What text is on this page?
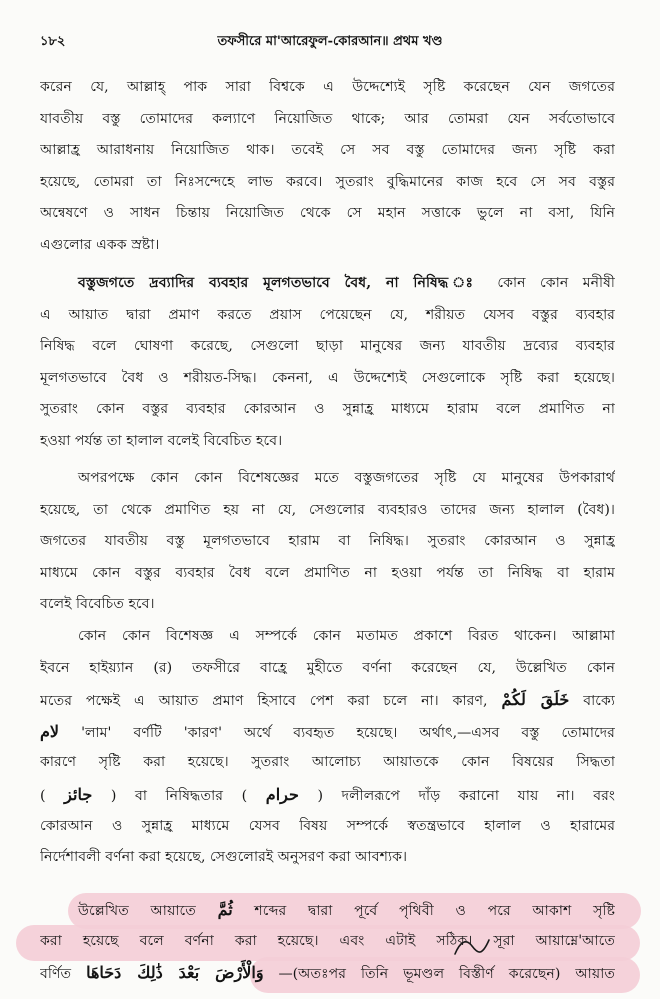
১৮২	তফসীরে মা'আরেফুল-কোরআন॥ প্রথম খণ্ড
করেন যে, আল্লাহ্ পাক সারা বিশ্বকে এ উদ্দেশ্যেই সৃষ্টি করেছেন যেন জগতের
যাবতীয় বস্তু তোমাদের কল্যাণে নিয়োজিত থাকে; আর তোমরা যেন সর্বতোভাবে
আল্লাহ্র আরাধনায় নিয়োজিত থাক। তবেই সে সব বস্তু তোমাদের জন্য সৃষ্টি করা
হয়েছে, তোমরা তা নিঃসন্দেহে লাভ করবে। সুতরাং বুদ্ধিমানের কাজ হবে সে সব বস্তুর
অন্বেষণে ও সাধন চিন্তায় নিয়োজিত থেকে সে মহান সত্তাকে ভুলে না বসা, যিনি
এগুলোর একক স্রষ্টা।
বস্তুজগতে দ্রব্যাদির ব্যবহার মূলগতভাবে বৈধ, না নিষিদ্ধ ঃ কোন কোন মনীষী
এ আয়াত দ্বারা প্রমাণ করতে প্রয়াস পেয়েছেন যে, শরীয়ত যেসব বস্তুর ব্যবহার
নিষিদ্ধ বলে ঘোষণা করেছে, সেগুলো ছাড়া মানুষের জন্য যাবতীয় দ্রব্যের ব্যবহার
মূলগতভাবে বৈধ ও শরীয়ত-সিদ্ধ। কেননা, এ উদ্দেশ্যেই সেগুলোকে সৃষ্টি করা হয়েছে।
সুতরাং কোন বস্তুর ব্যবহার কোরআন ও সুন্নাহ্র মাধ্যমে হারাম বলে প্রমাণিত না
হওয়া পর্যন্ত তা হালাল বলেই বিবেচিত হবে।
অপরপক্ষে কোন কোন বিশেষজ্ঞের মতে বস্তুজগতের সৃষ্টি যে মানুষের উপকারার্থ
হয়েছে, তা থেকে প্রমাণিত হয় না যে, সেগুলোর ব্যবহারও তাদের জন্য হালাল (বৈধ)।
জগতের যাবতীয় বস্তু মূলগতভাবে হারাম বা নিষিদ্ধ। সুতরাং কোরআন ও সুন্নাহ্র
মাধ্যমে কোন বস্তুর ব্যবহার বৈধ বলে প্রমাণিত না হওয়া পর্যন্ত তা নিষিদ্ধ বা হারাম
বলেই বিবেচিত হবে।
কোন কোন বিশেষজ্ঞ এ সম্পর্কে কোন মতামত প্রকাশে বিরত থাকেন। আল্লামা
ইবনে হাইয়্যান (র) তফসীরে বাহ্রে মুহীতে বর্ণনা করেছেন যে, উল্লেখিত কোন
মতের পক্ষেই এ আয়াত প্রমাণ হিসাবে পেশ করা চলে না। কারণ, خَلَقَ لَكُمْ বাক্যে
لام 'লাম' বর্ণটি 'কারণ' অর্থে ব্যবহৃত হয়েছে। অর্থাৎ,—এসব বস্তু তোমাদের
কারণে সৃষ্টি করা হয়েছে। সুতরাং আলোচ্য আয়াতকে কোন বিষয়ের সিদ্ধতা
( جائز ) বা নিষিদ্ধতার ( حرام ) দলীলরূপে দাঁড় করানো যায় না। বরং
কোরআন ও সুন্নাহ্র মাধ্যমে যেসব বিষয় সম্পর্কে স্বতন্ত্রভাবে হালাল ও হারামের
নির্দেশাবলী বর্ণনা করা হয়েছে, সেগুলোরই অনুসরণ করা আবশ্যক।
উল্লেখিত আয়াতে ثُمَّ শব্দের দ্বারা পূর্বে পৃথিবী ও পরে আকাশ সৃষ্টি
করা হয়েছে বলে বর্ণনা করা হয়েছে। এবং এটাই সঠিক। সূরা আয়াম্নে'আতে
বর্ণিত وَالْأَرْضَ بَعْدَ ذَٰلِكَ دَحَاهَا —(অতঃপর তিনি ভূমণ্ডল বিস্তীর্ণ করেছেন) আয়াত
